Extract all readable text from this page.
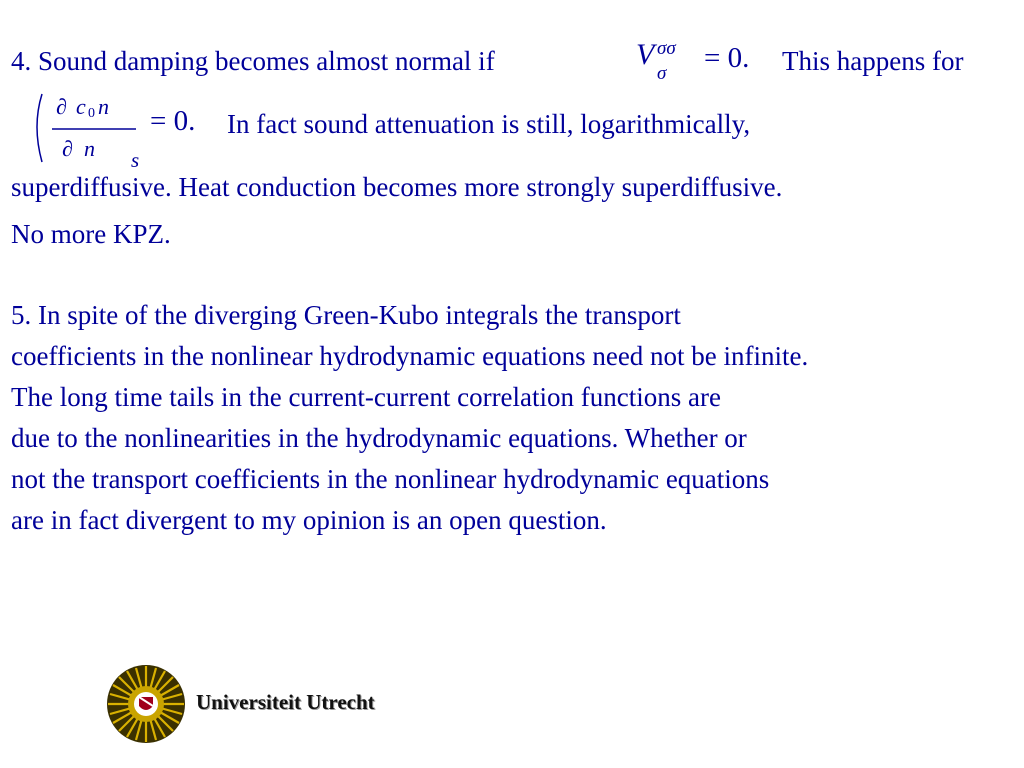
4. Sound damping becomes almost normal if	V σσ
σ = 0. This happens for
∂ c 0 n
∂ n s
= 0. In fact sound attenuation is still, logarithmically,
superdiffusive. Heat conduction becomes more strongly superdiffusive.
No more KPZ.
5. In spite of the diverging Green-Kubo integrals the transport
coefficients in the nonlinear hydrodynamic equations need not be infinite.
The long time tails in the current-current correlation functions are
due to the nonlinearities in the hydrodynamic equations. Whether or
not the transport coefficients in the nonlinear hydrodynamic equations
are in fact divergent to my opinion is an open question.
Universiteit Utrecht
